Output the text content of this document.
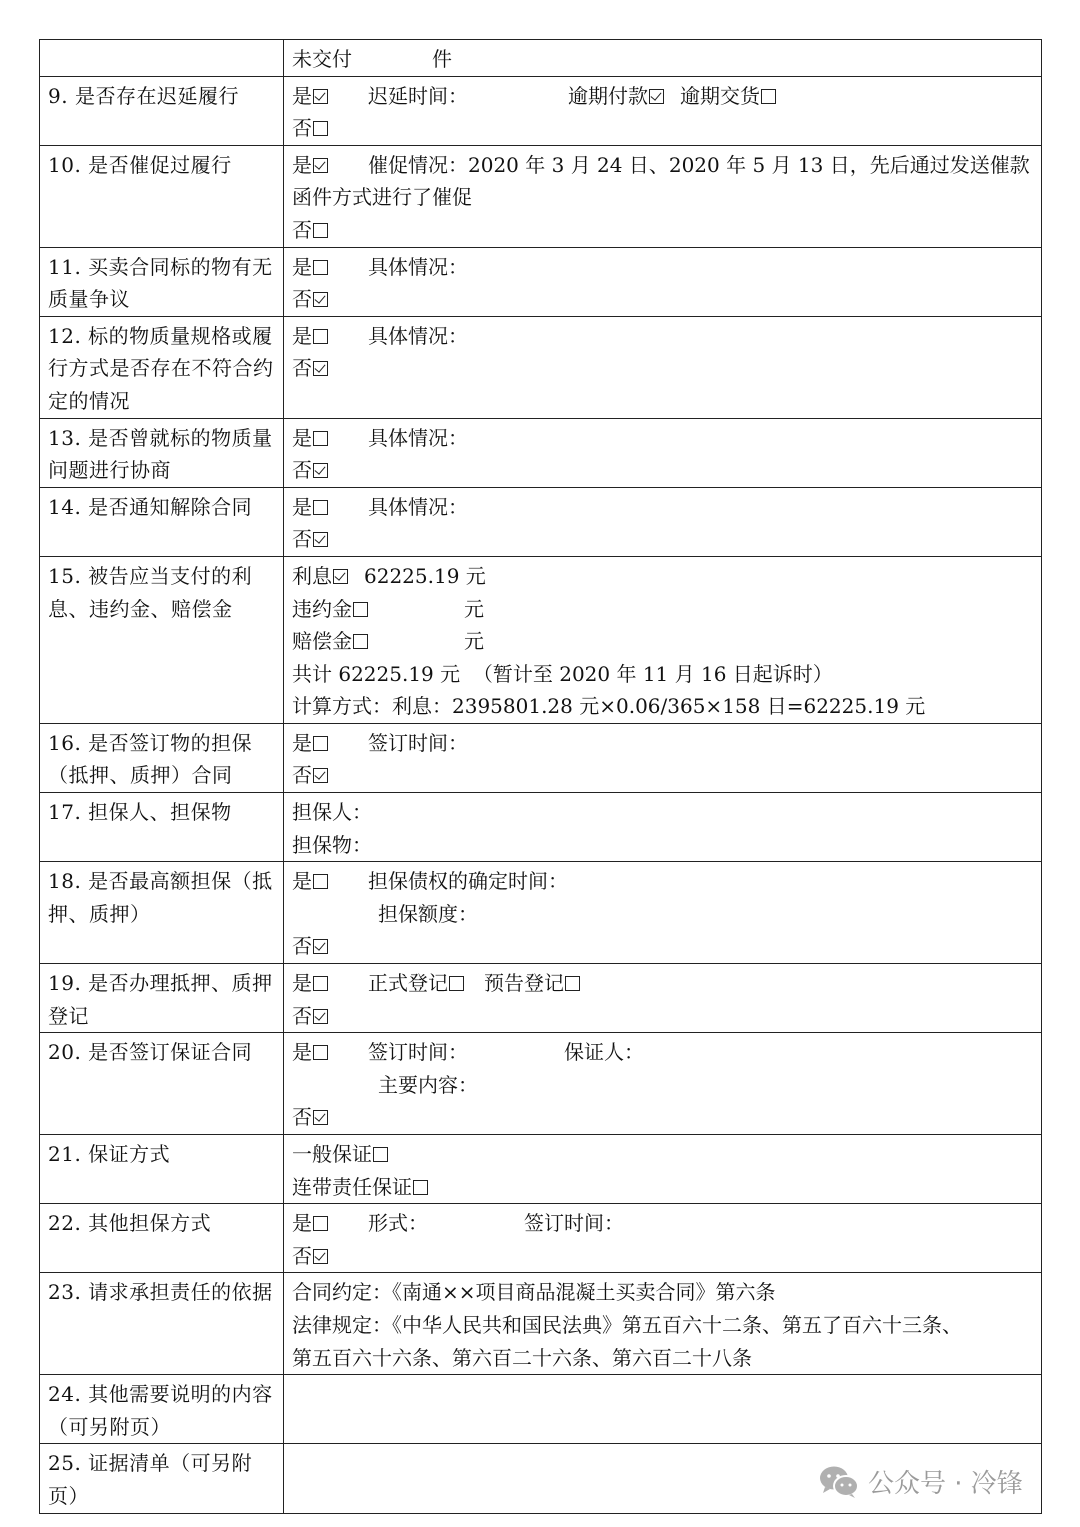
	未交付 件

9. 是否存在迟延履行	是 迟延时间： 逾期付款 逾期交货
否

10. 是否催促过履行	是 催促情况：2020 年 3 月 24 日、2020 年 5 月 13 日，先后通过发送催款
函件方式进行了催促
否

11. 买卖合同标的物有无质量争议	是 具体情况：
否

12. 标的物质量规格或履行方式是否存在不符合约定的情况	是 具体情况：
否

13. 是否曾就标的物质量问题进行协商	是 具体情况：
否

14. 是否通知解除合同	是 具体情况：
否

15. 被告应当支付的利息、违约金、赔偿金	利息 62225.19 元
违约金 元
赔偿金 元
共计 62225.19 元  （暂计至 2020 年 11 月 16 日起诉时）
计算方式：利息：2395801.28 元×0.06/365×158 日=62225.19 元

16. 是否签订物的担保（抵押、质押）合同	是 签订时间：
否

17. 担保人、担保物	担保人：
担保物：

18. 是否最高额担保（抵押、质押）	是 担保债权的确定时间：
担保额度：
否

19. 是否办理抵押、质押登记	是 正式登记 预告登记
否

20. 是否签订保证合同	是 签订时间： 保证人：
主要内容：
否

21. 保证方式	一般保证
连带责任保证

22. 其他担保方式	是 形式： 签订时间：
否

23. 请求承担责任的依据	合同约定：《南通××项目商品混凝土买卖合同》第六条
法律规定：《中华人民共和国民法典》第五百六十二条、第五了百六十三条、
第五百六十六条、第六百二十六条、第六百二十八条

24. 其他需要说明的内容（可另附页）	
25. 证据清单（可另附页）		公众号 · 冷锋
